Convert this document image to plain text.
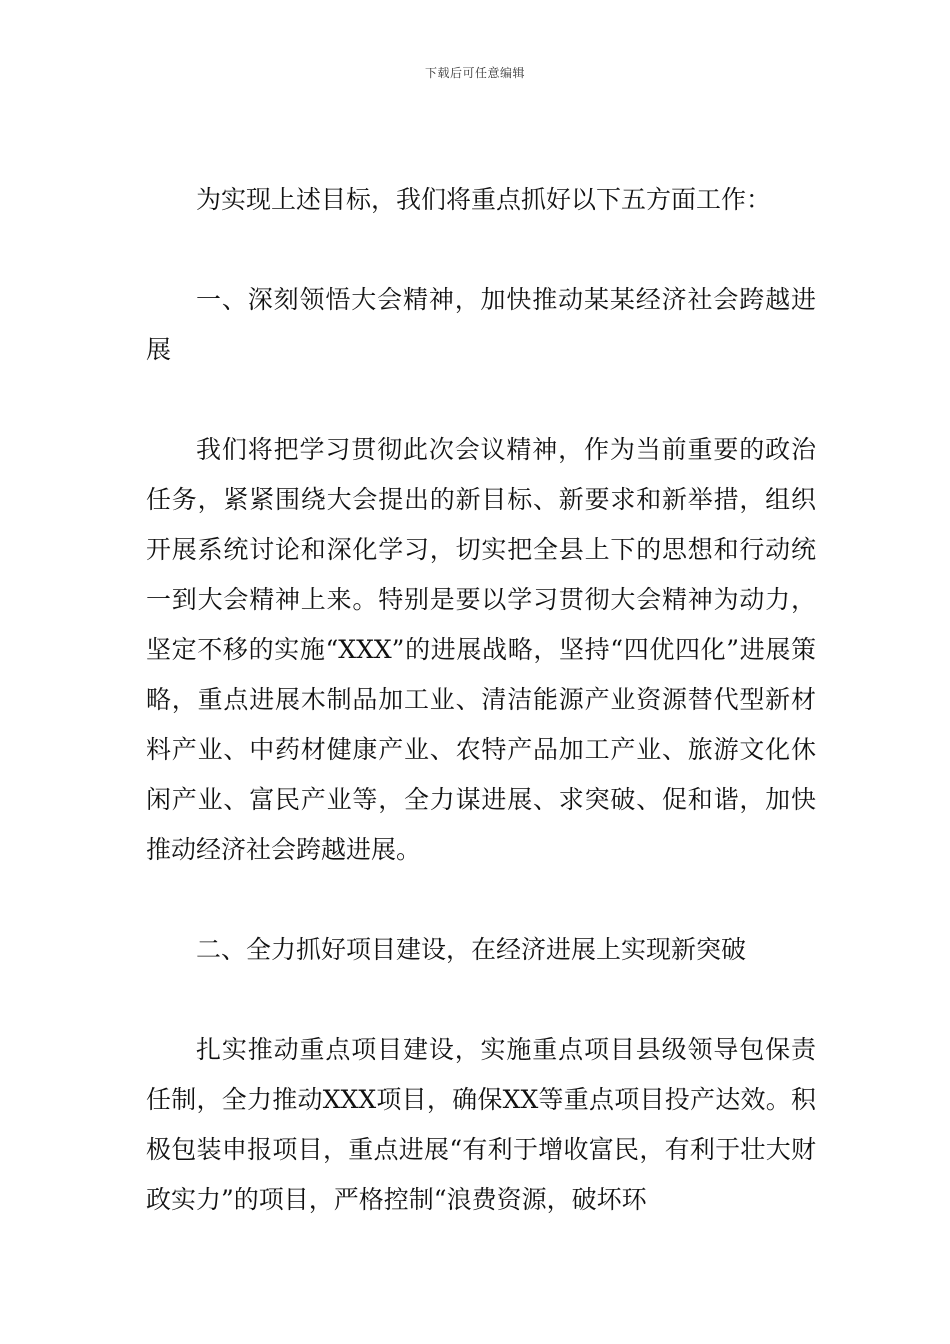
下载后可任意编辑

为实现上述目标，我们将重点抓好以下五方面工作：

一、深刻领悟大会精神，加快推动某某经济社会跨越进展

我们将把学习贯彻此次会议精神，作为当前重要的政治任务，紧紧围绕大会提出的新目标、新要求和新举措，组织开展系统讨论和深化学习，切实把全县上下的思想和行动统一到大会精神上来。特别是要以学习贯彻大会精神为动力，坚定不移的实施“XXX”的进展战略，坚持“四优四化”进展策略，重点进展木制品加工业、清洁能源产业资源替代型新材料产业、中药材健康产业、农特产品加工产业、旅游文化休闲产业、富民产业等，全力谋进展、求突破、促和谐，加快推动经济社会跨越进展。

二、全力抓好项目建设，在经济进展上实现新突破

扎实推动重点项目建设，实施重点项目县级领导包保责任制，全力推动XXX项目，确保XX等重点项目投产达效。积极包装申报项目，重点进展“有利于增收富民，有利于壮大财政实力”的项目，严格控制“浪费资源，破坏环
